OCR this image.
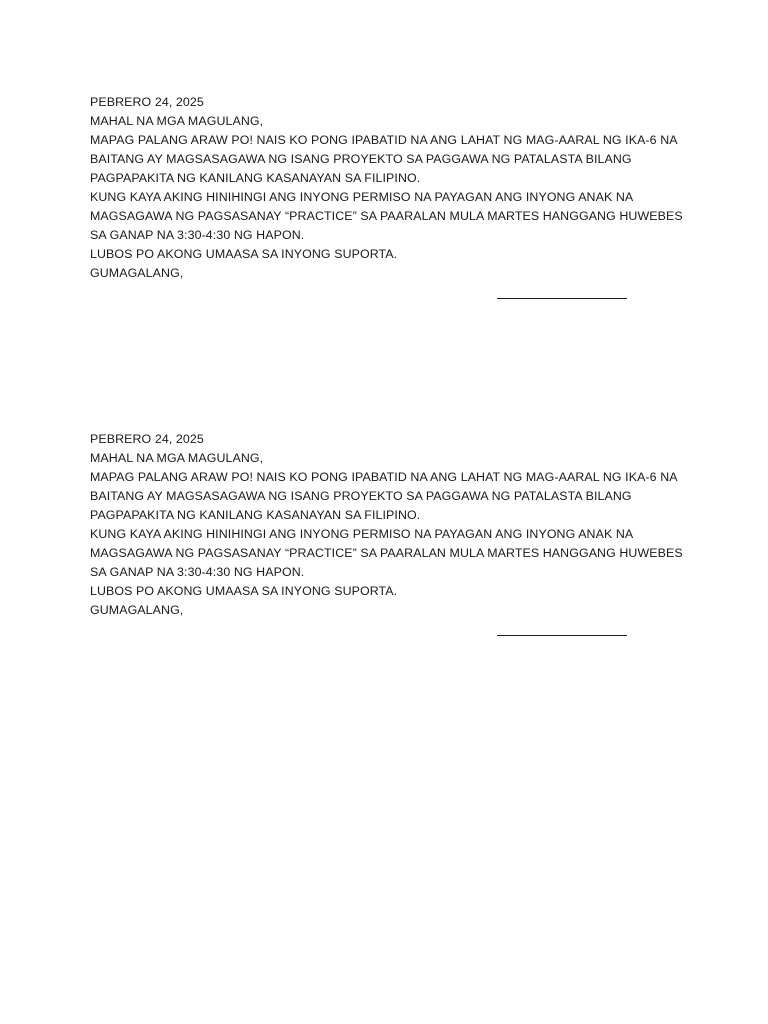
PEBRERO 24, 2025

MAHAL NA MGA MAGULANG,

MAPAG PALANG ARAW PO! NAIS KO PONG IPABATID NA ANG LAHAT NG MAG-AARAL NG IKA-6 NA BAITANG AY MAGSASAGAWA NG ISANG PROYEKTO SA PAGGAWA NG PATALASTA BILANG PAGPAPAKITA NG KANILANG KASANAYAN SA FILIPINO.

KUNG KAYA AKING HINIHINGI ANG INYONG PERMISO NA PAYAGAN ANG INYONG ANAK NA MAGSAGAWA NG PAGSASANAY “PRACTICE” SA PAARALAN MULA MARTES HANGGANG HUWEBES SA GANAP NA 3:30-4:30 NG HAPON.

LUBOS PO AKONG UMAASA SA INYONG SUPORTA.

GUMAGALANG,

PEBRERO 24, 2025

MAHAL NA MGA MAGULANG,

MAPAG PALANG ARAW PO! NAIS KO PONG IPABATID NA ANG LAHAT NG MAG-AARAL NG IKA-6 NA BAITANG AY MAGSASAGAWA NG ISANG PROYEKTO SA PAGGAWA NG PATALASTA BILANG PAGPAPAKITA NG KANILANG KASANAYAN SA FILIPINO.

KUNG KAYA AKING HINIHINGI ANG INYONG PERMISO NA PAYAGAN ANG INYONG ANAK NA MAGSAGAWA NG PAGSASANAY “PRACTICE” SA PAARALAN MULA MARTES HANGGANG HUWEBES SA GANAP NA 3:30-4:30 NG HAPON.

LUBOS PO AKONG UMAASA SA INYONG SUPORTA.

GUMAGALANG,
